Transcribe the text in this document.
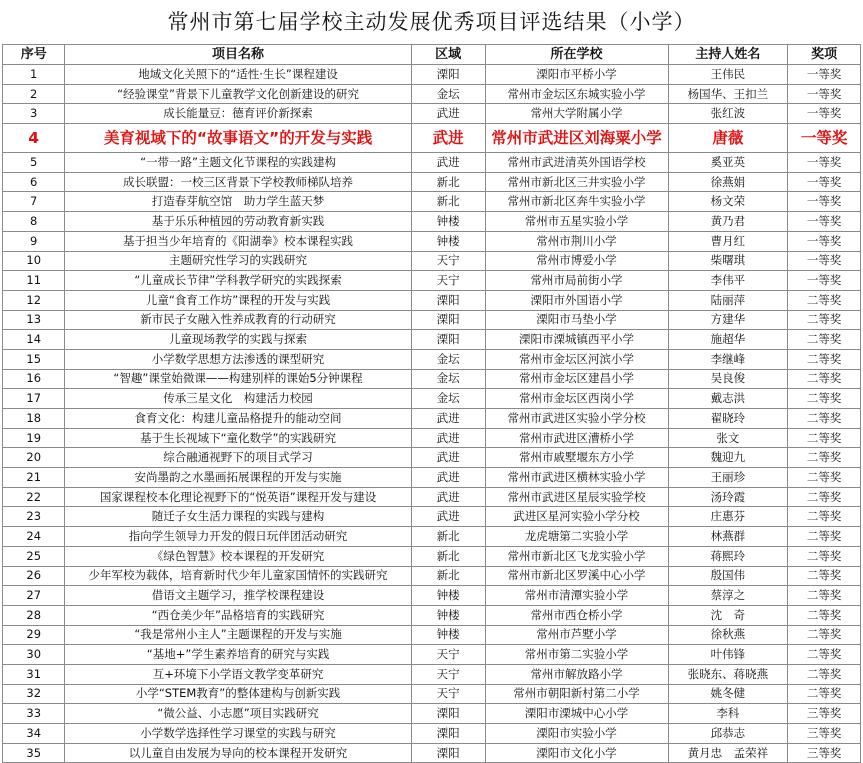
常州市第七届学校主动发展优秀项目评选结果（小学）
序号	项目名称	区域	所在学校	主持人姓名	奖项
1	地域文化关照下的“适性·生长”课程建设	溧阳	溧阳市平桥小学	王伟民	一等奖
2	“经验课堂”背景下儿童教学文化创新建设的研究	金坛	常州市金坛区东城实验小学	杨国华、王扣兰	一等奖
3	成长能量豆：德育评价新探索	武进	常州大学附属小学	张红波	一等奖
4	美育视域下的“故事语文”的开发与实践	武进	常州市武进区刘海粟小学	唐薇	一等奖
5	“一带一路”主题文化节课程的实践建构	武进	常州市武进清英外国语学校	奚亚英	一等奖
6	成长联盟：一校三区背景下学校教师梯队培养	新北	常州市新北区三井实验小学	徐燕娟	一等奖
7	打造春芽航空馆　助力学生蓝天梦	新北	常州市新北区奔牛实验小学	杨文荣	一等奖
8	基于乐乐种植园的劳动教育新实践	钟楼	常州市五星实验小学	黄乃君	一等奖
9	基于担当少年培育的《阳湖拳》校本课程实践	钟楼	常州市荆川小学	曹月红	一等奖
10	主题研究性学习的实践研究	天宁	常州市博爱小学	柴曙琪	一等奖
11	“儿童成长节律”学科教学研究的实践探索	天宁	常州市局前街小学	李伟平	一等奖
12	儿童“食育工作坊”课程的开发与实践	溧阳	溧阳市外国语小学	陆丽萍	二等奖
13	新市民子女融入性养成教育的行动研究	溧阳	溧阳市马垫小学	方建华	二等奖
14	儿童现场教学的实践与探索	溧阳	溧阳市溧城镇西平小学	施超华	二等奖
15	小学数学思想方法渗透的课型研究	金坛	常州市金坛区河滨小学	李继峰	二等奖
16	“智趣”课堂始微课——构建别样的课始5分钟课程	金坛	常州市金坛区建昌小学	吴良俊	二等奖
17	传承三星文化　构建活力校园	金坛	常州市金坛区西岗小学	戴志洪	二等奖
18	食育文化：构建儿童品格提升的能动空间	武进	常州市武进区实验小学分校	翟晓玲	二等奖
19	基于生长视域下“童化数学”的实践研究	武进	常州市武进区漕桥小学	张文	二等奖
20	综合融通视野下的项目式学习	武进	常州市戚墅堰东方小学	魏迎九	二等奖
21	安尚墨韵之水墨画拓展课程的开发与实施	武进	常州市武进区横林实验小学	王丽珍	二等奖
22	国家课程校本化理论视野下的“悦英语”课程开发与建设	武进	常州市武进区星辰实验学校	汤玲霞	二等奖
23	随迁子女生活力课程的实践与建构	武进	武进区星河实验小学分校	庄惠芬	二等奖
24	指向学生领导力开发的假日玩伴团活动研究	新北	龙虎塘第二实验小学	林燕群	二等奖
25	《绿色智慧》校本课程的开发研究	新北	常州市新北区飞龙实验小学	蒋熙玲	二等奖
26	少年军校为载体，培育新时代少年儿童家国情怀的实践研究	新北	常州市新北区罗溪中心小学	殷国伟	二等奖
27	借语文主题学习，推学校课程建设	钟楼	常州市清潭实验小学	蔡淳之	二等奖
28	“西仓美少年”品格培育的实践研究	钟楼	常州市西仓桥小学	沈　奇	二等奖
29	“我是常州小主人”主题课程的开发与实施	钟楼	常州市芦墅小学	徐秋燕	二等奖
30	“基地+”学生素养培育的研究与实践	天宁	常州市第二实验小学	叶伟锋	二等奖
31	互+环境下小学语文教学变革研究	天宁	常州市解放路小学	张晓东、蒋晓燕	二等奖
32	小学“STEM教育”的整体建构与创新实践	天宁	常州市朝阳新村第二小学	姚冬健	二等奖
33	“微公益、小志愿”项目实践研究	溧阳	溧阳市溧城中心小学	李科	三等奖
34	小学数学选择性学习课堂的实践与研究	溧阳	溧阳市实验小学	邱恭志	三等奖
35	以儿童自由发展为导向的校本课程开发研究	溧阳	溧阳市文化小学	黄月忠　孟荣祥	三等奖
